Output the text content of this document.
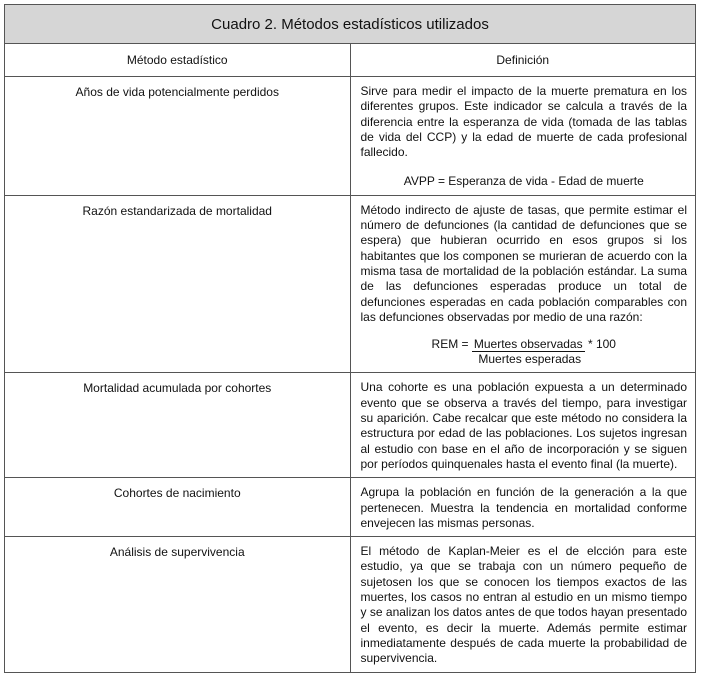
Cuadro 2. Métodos estadísticos utilizados	
Método estadístico	Definición
Años de vida potencialmente perdidos	Sirve para medir el impacto de la muerte prematura en los diferentes grupos. Este indicador se calcula a través de la diferencia entre la esperanza de vida (tomada de las tablas de vida del CCP) y la edad de muerte de cada profesional fallecido.
AVPP = Esperanza de vida - Edad de muerte

Razón estandarizada de mortalidad	Método indirecto de ajuste de tasas, que permite estimar el número de defunciones (la cantidad de defunciones que se espera) que hubieran ocurrido en esos grupos si los habitantes que los componen se murieran de acuerdo con la misma tasa de mortalidad de la población estándar. La suma de las defunciones esperadas produce un total de defunciones esperadas en cada población comparables con las defunciones observadas por medio de una razón:
REM = Muertes observadas * 100
Muertes esperadas

Mortalidad acumulada por cohortes	Una cohorte es una población expuesta a un determinado evento que se observa a través del tiempo, para investigar su aparición. Cabe recalcar que este método no considera la estructura por edad de las poblaciones. Los sujetos ingresan al estudio con base en el año de incorporación y se siguen por períodos quinquenales hasta el evento final (la muerte).
Cohortes de nacimiento	Agrupa la población en función de la generación a la que pertenecen. Muestra la tendencia en mortalidad conforme envejecen las mismas personas.
Análisis de supervivencia	El método de Kaplan-Meier es el de elcción para este estudio, ya que se trabaja con un número pequeño de sujetosen los que se conocen los tiempos exactos de las muertes, los casos no entran al estudio en un mismo tiempo y se analizan los datos antes de que todos hayan presentado el evento, es decir la muerte. Además permite estimar inmediatamente después de cada muerte la probabilidad de supervivencia.
